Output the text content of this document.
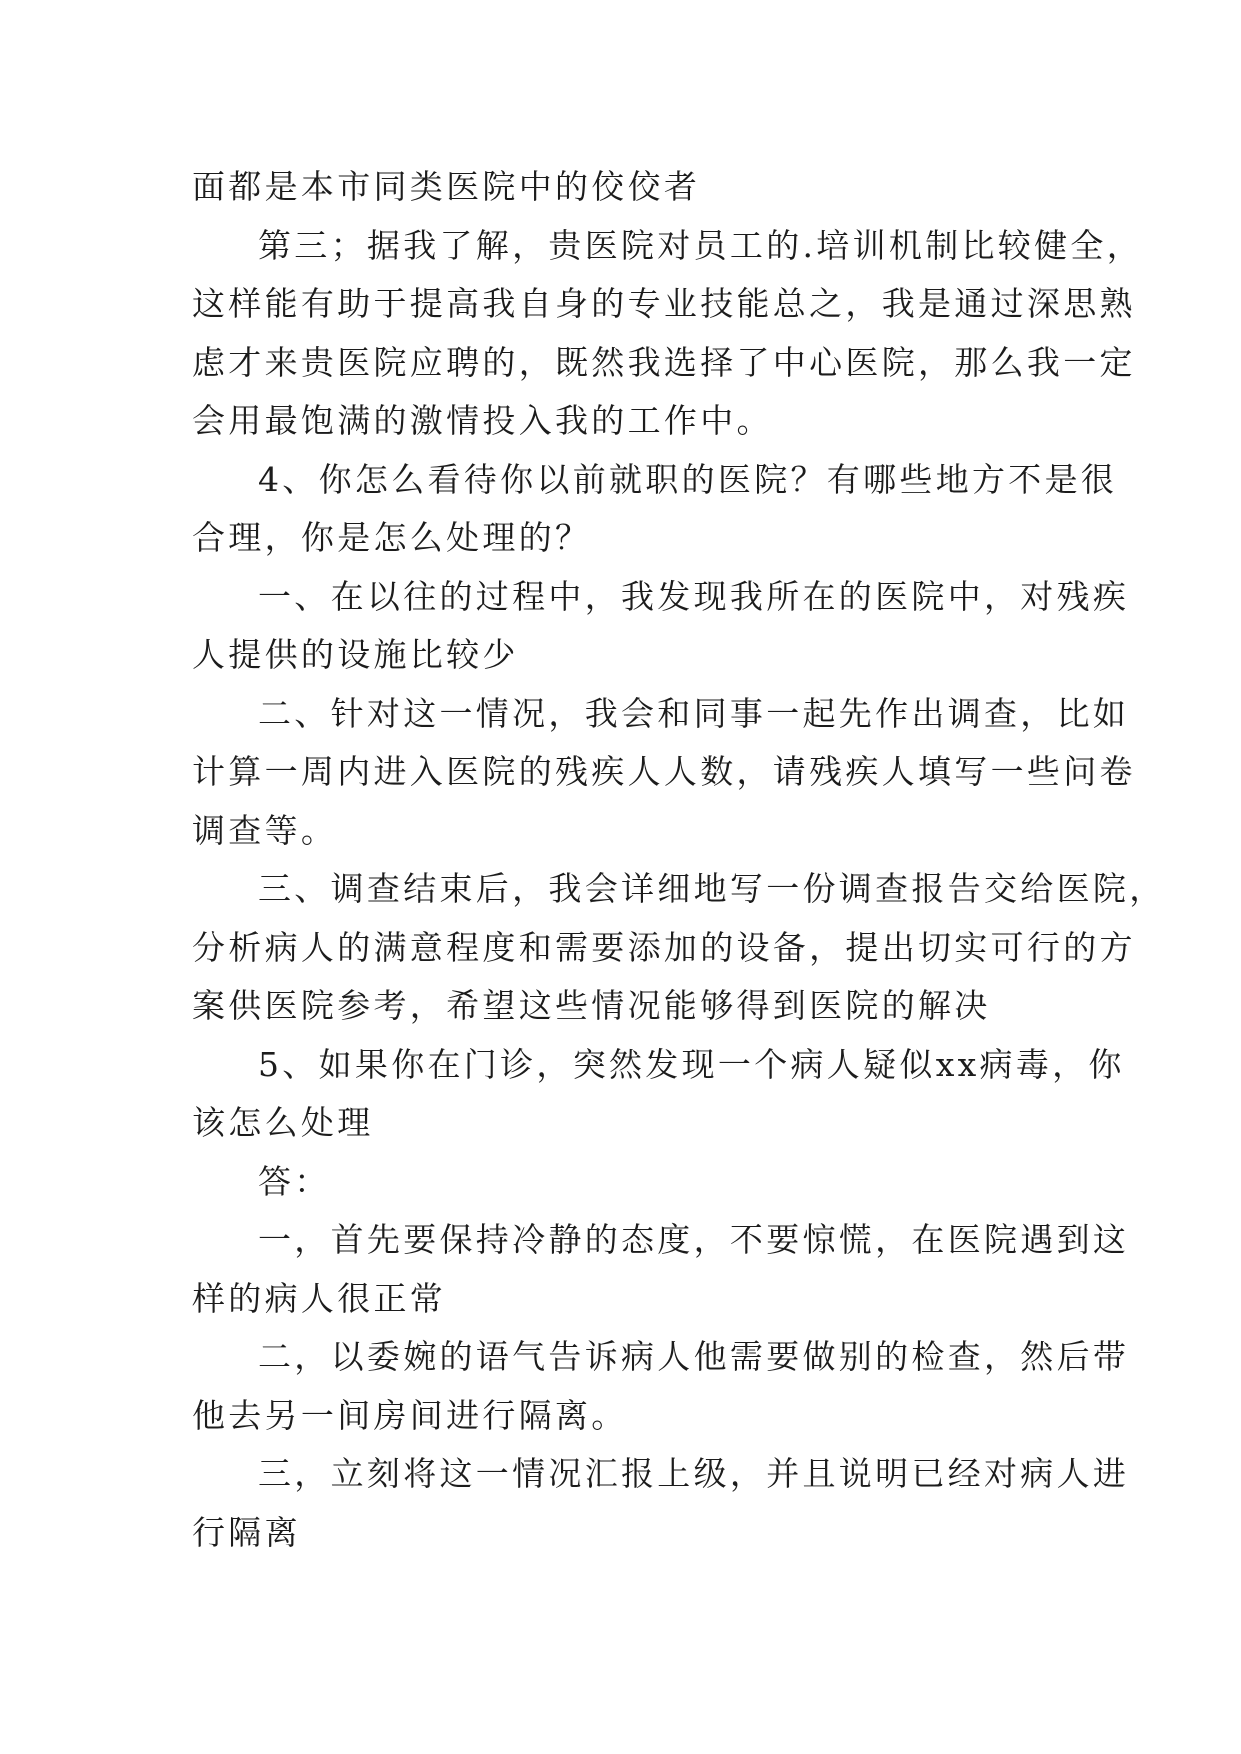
面都是本市同类医院中的佼佼者

第三；据我了解，贵医院对员工的.培训机制比较健全，
这样能有助于提高我自身的专业技能总之，我是通过深思熟
虑才来贵医院应聘的，既然我选择了中心医院，那么我一定
会用最饱满的激情投入我的工作中。

4、你怎么看待你以前就职的医院？有哪些地方不是很
合理，你是怎么处理的？

一、在以往的过程中，我发现我所在的医院中，对残疾
人提供的设施比较少

二、针对这一情况，我会和同事一起先作出调查，比如
计算一周内进入医院的残疾人人数，请残疾人填写一些问卷
调查等。

三、调查结束后，我会详细地写一份调查报告交给医院，
分析病人的满意程度和需要添加的设备，提出切实可行的方
案供医院参考，希望这些情况能够得到医院的解决

5、如果你在门诊，突然发现一个病人疑似xx病毒，你
该怎么处理

答：

一，首先要保持冷静的态度，不要惊慌，在医院遇到这
样的病人很正常

二，以委婉的语气告诉病人他需要做别的检查，然后带
他去另一间房间进行隔离。

三，立刻将这一情况汇报上级，并且说明已经对病人进
行隔离
